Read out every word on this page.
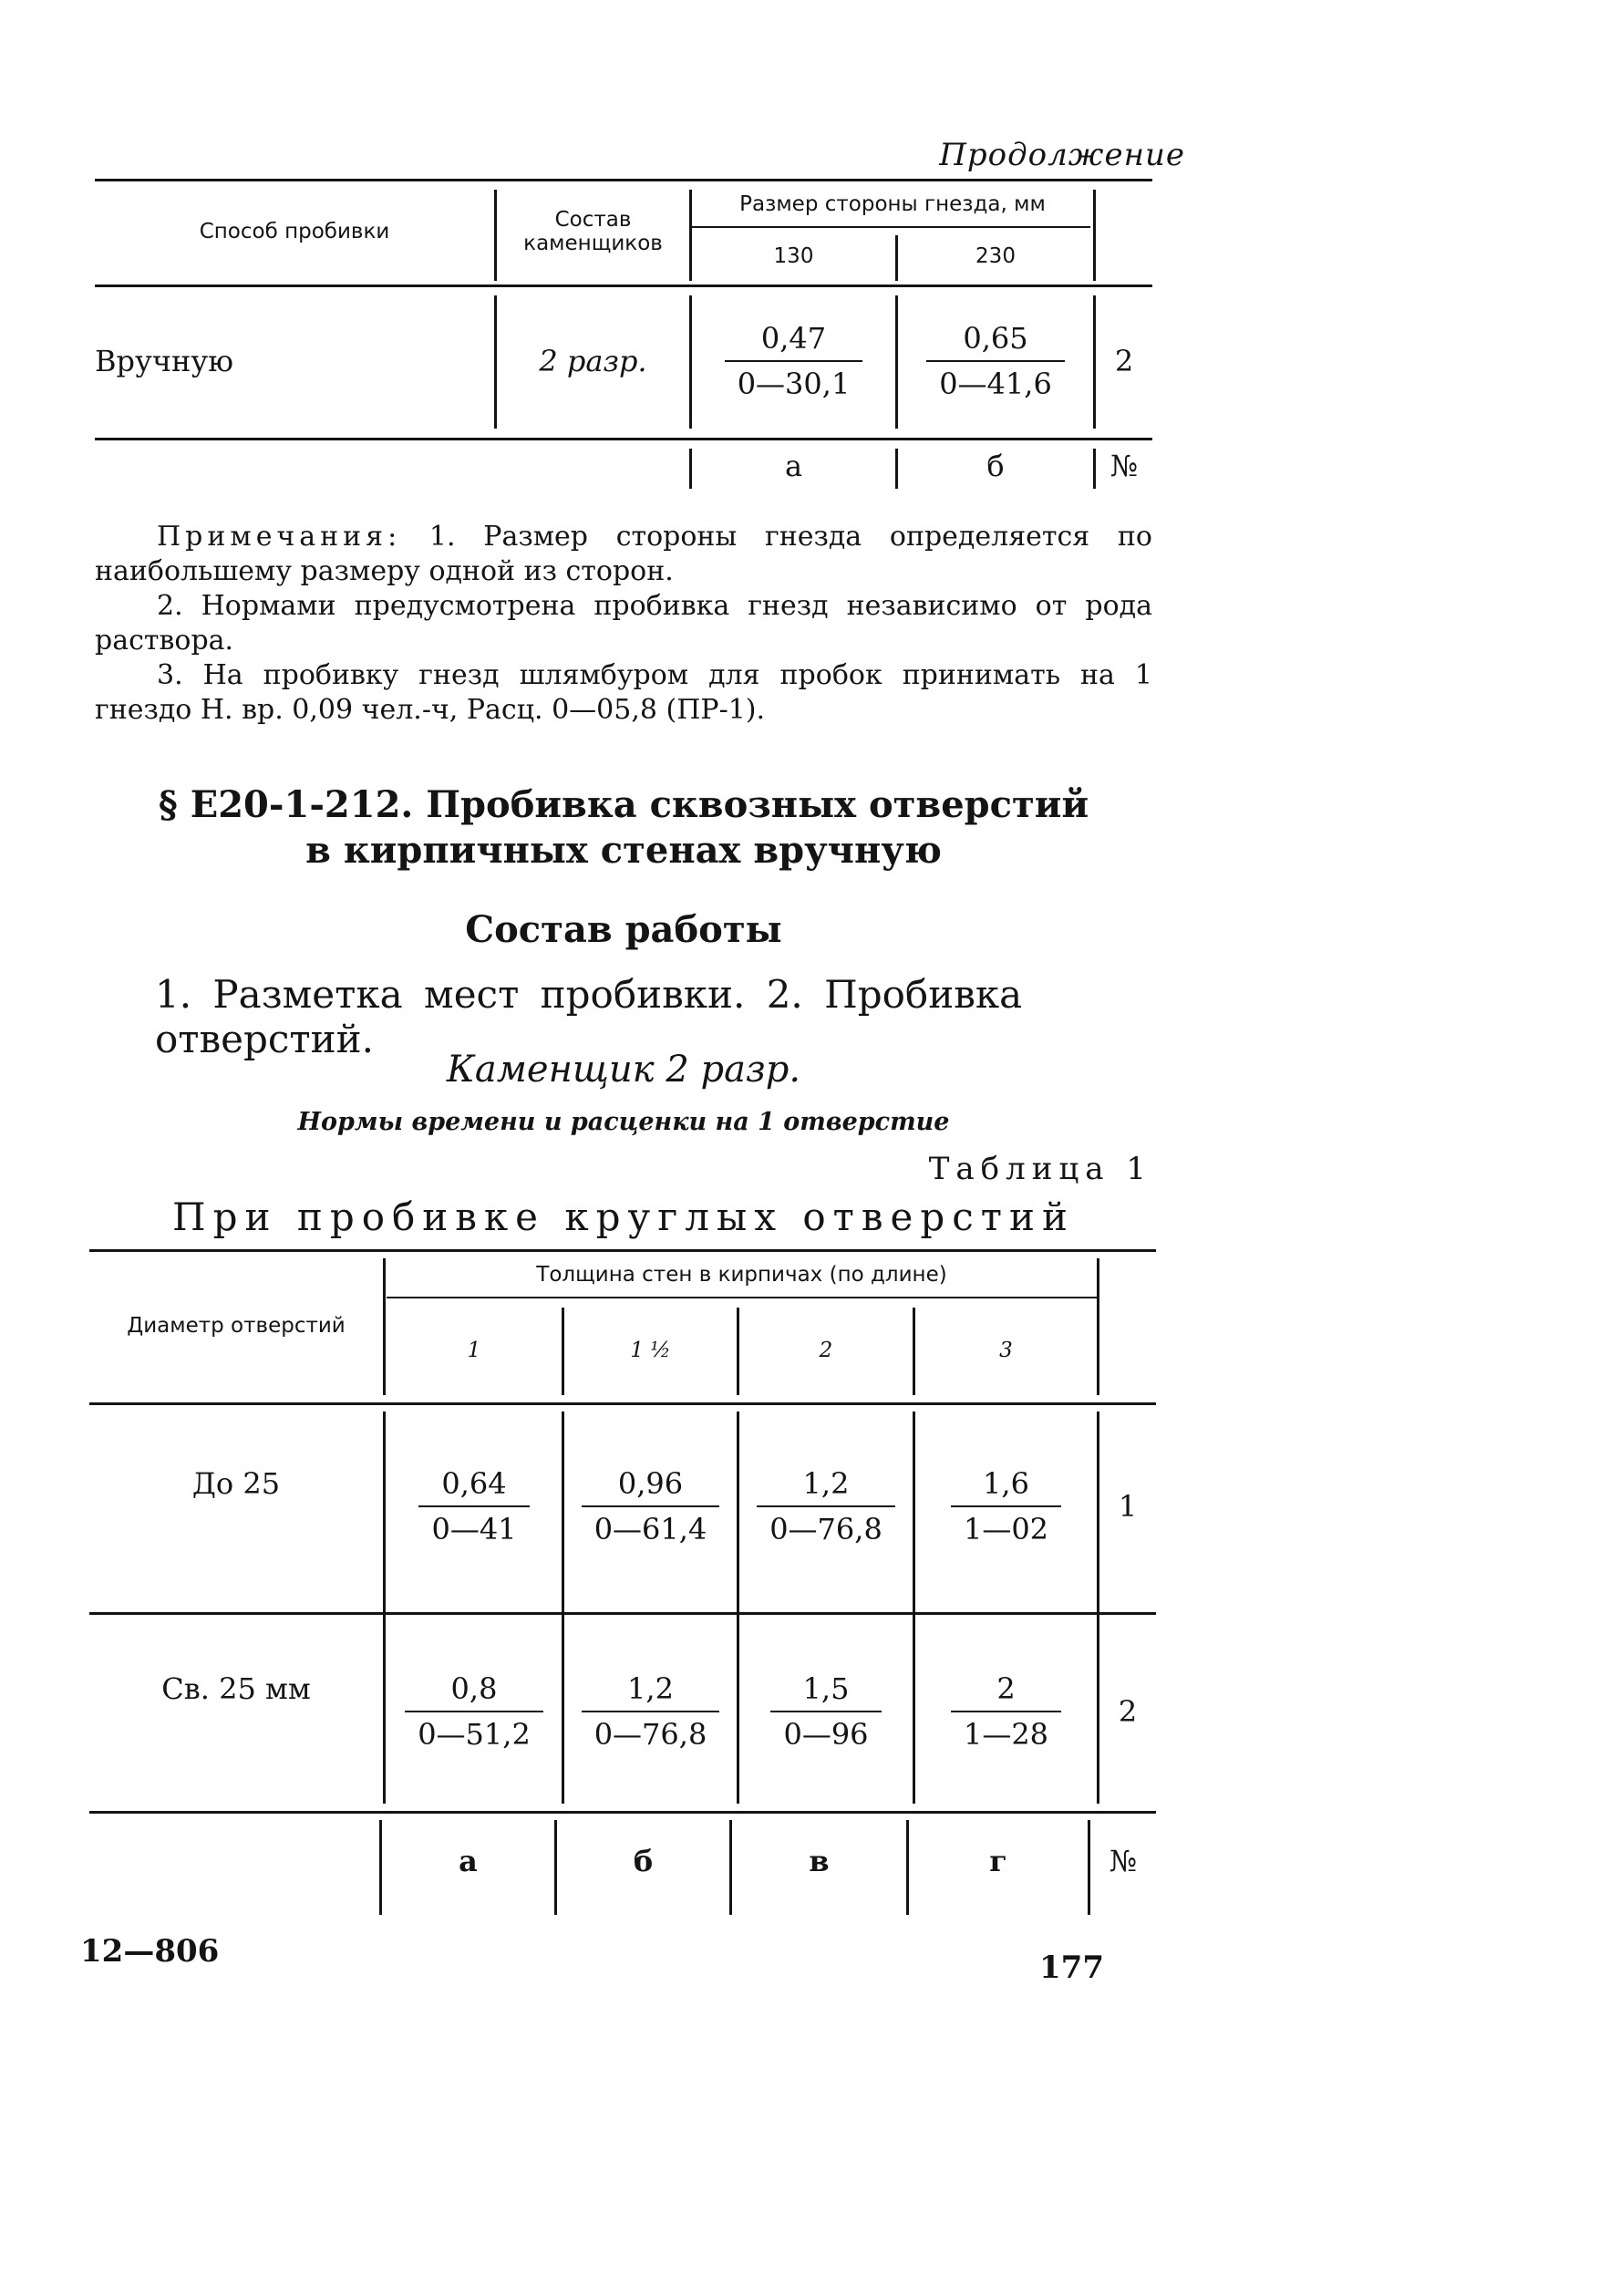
Продолжение
Способ пробивки	Состав каменщиков
Размер стороны гнезда, мм
130	230
Вручную	2 разр.	$\frac{0,47}{0—30,1} \frac{0,65}{0—41,6}$	2
а	б	№

Примечания: 1. Размер стороны гнезда определяется по наибольшему размеру одной из сторон.

2. Нормами предусмотрена пробивка гнезд независимо от рода раствора.

3. На пробивку гнезд шлямбуром для пробок принимать на 1 гнездо Н. вр. 0,09 чел.-ч, Расц. 0—05,8 (ПР-1).

§ Е20-1-212. Пробивка сквозных отверстий
в кирпичных стенах вручную
Состав работы
1. Разметка мест пробивки. 2. Пробивка отверстий.
Каменщик 2 разр.
Нормы времени и расценки на 1 отверстие
Таблица 1
При пробивке круглых отверстий
Диаметр отверстий
Толщина стен в кирпичах (по длине)
1	1 ½	2	3
До 25	$\frac{0,64}{0—41} \frac{0,96}{0—61,4} \frac{1,2}{0—76,8} \frac{1,6}{1—02}$	1
Св. 25 мм	$\frac{0,8}{0—51,2} \frac{1,2}{0—76,8} \frac{1,5}{0—96} \frac{2}{1—28}$	2
а	б	в	г	№
12—806	177
